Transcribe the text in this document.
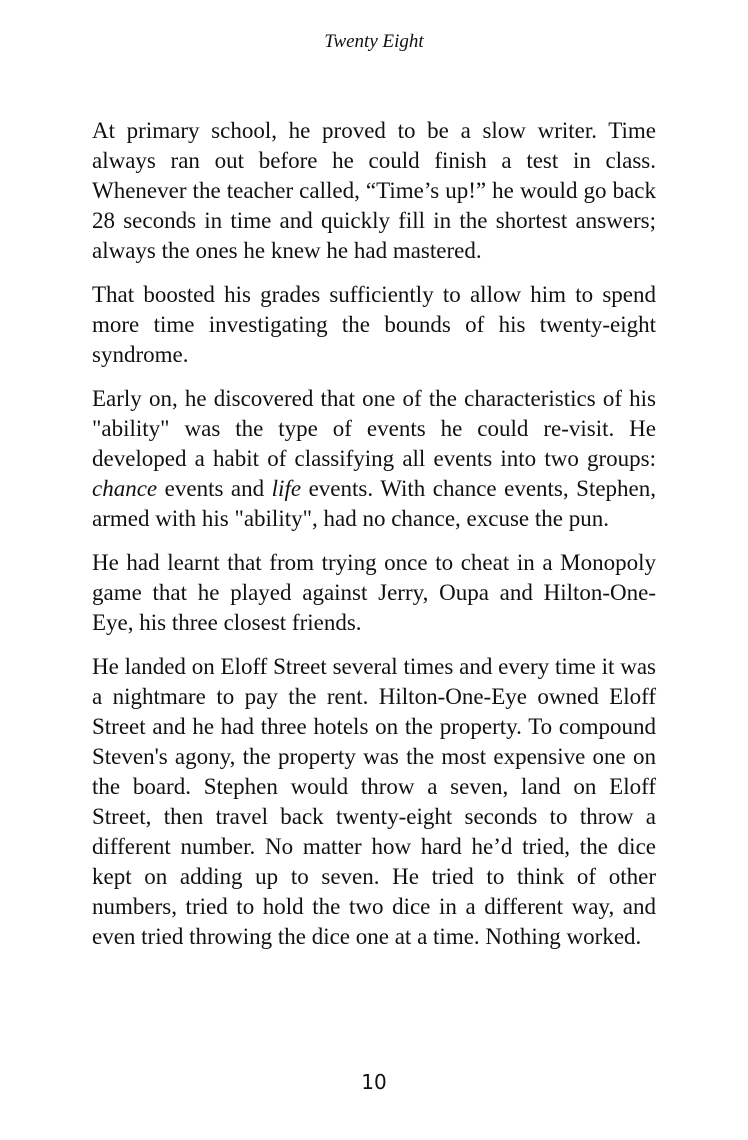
Twenty Eight

At primary school, he proved to be a slow writer. Time always ran out before he could finish a test in class. Whenever the teacher called, “Time’s up!” he would go back 28 seconds in time and quickly fill in the shortest answers; always the ones he knew he had mastered.

That boosted his grades sufficiently to allow him to spend more time investigating the bounds of his twenty-eight syndrome.

Early on, he discovered that one of the characteristics of his "ability" was the type of events he could re-visit. He developed a habit of classifying all events into two groups: chance events and life events. With chance events, Stephen, armed with his "ability", had no chance, excuse the pun.

He had learnt that from trying once to cheat in a Monopoly game that he played against Jerry, Oupa and Hilton-One-Eye, his three closest friends.

He landed on Eloff Street several times and every time it was a nightmare to pay the rent. Hilton-One-Eye owned Eloff Street and he had three hotels on the property. To compound Steven's agony, the property was the most expensive one on the board. Stephen would throw a seven, land on Eloff Street, then travel back twenty-eight seconds to throw a different number. No matter how hard he’d tried, the dice kept on adding up to seven. He tried to think of other numbers, tried to hold the two dice in a different way, and even tried throwing the dice one at a time. Nothing worked.

10
